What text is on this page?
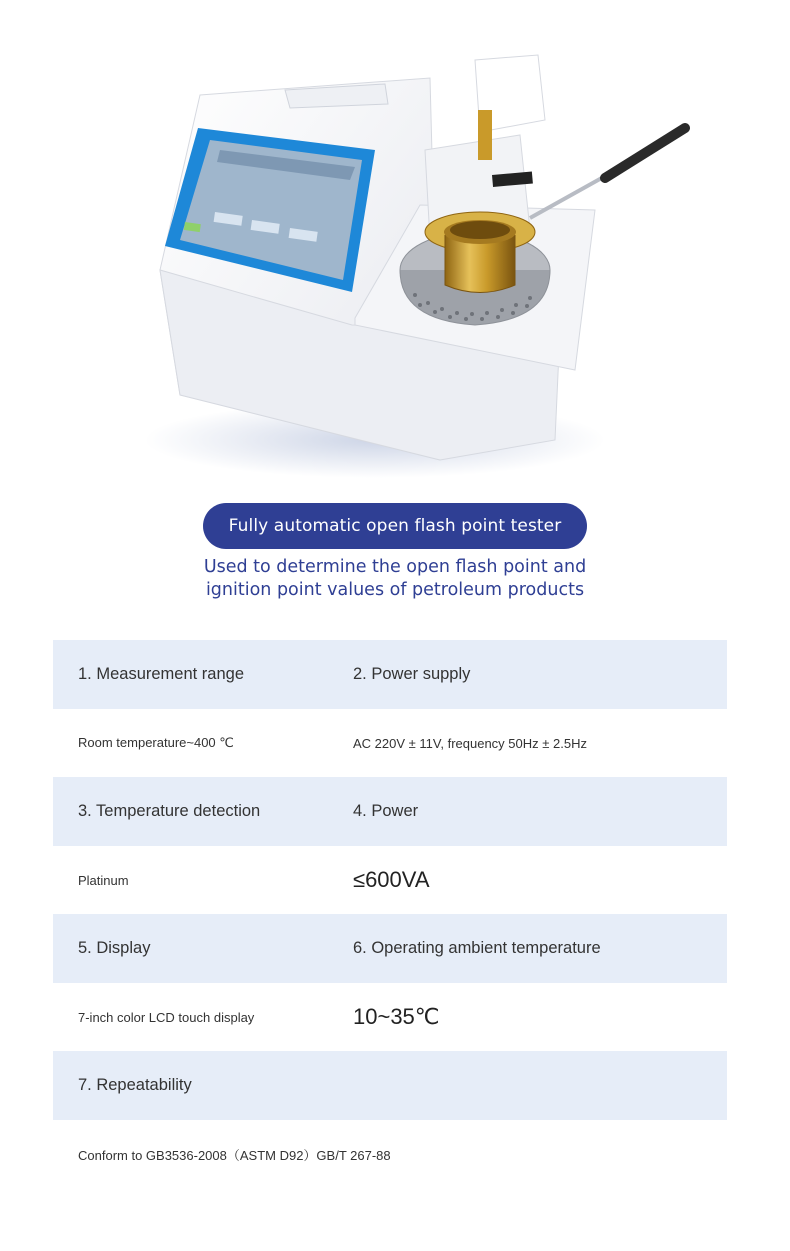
Fully automatic open flash point tester
Used to determine the open flash point and
ignition point values of petroleum products
1. Measurement range	2. Power supply
Room temperature~400 ℃	AC 220V ± 11V, frequency 50Hz ± 2.5Hz
3. Temperature detection	4. Power
Platinum	≤600VA
5. Display	6. Operating ambient temperature
7-inch color LCD touch display	10~35℃
7. Repeatability
Conform to GB3536-2008（ASTM D92）GB/T 267-88
